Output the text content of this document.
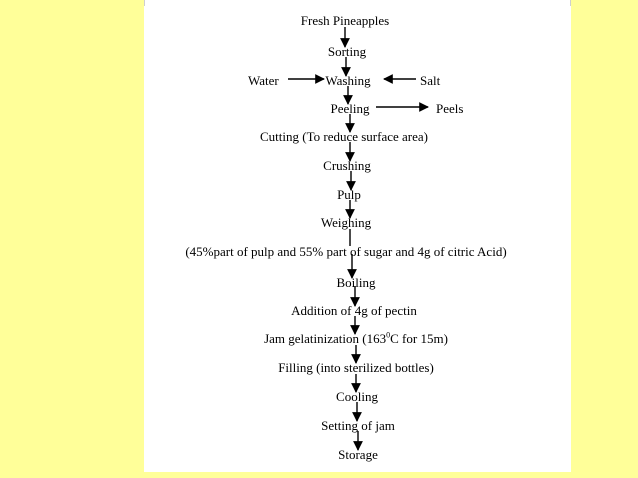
Fresh Pineapples
Sorting
Washing
Peeling
Cutting (To reduce surface area)
Crushing
Pulp
Weighing
(45%part of pulp and 55% part of sugar and 4g of citric Acid)
Boiling
Addition of 4g of pectin
Jam gelatinization ($163^0C$ for 15m)
Filling (into sterilized bottles)
Cooling
Setting of jam
Storage
Water	Salt
Peels
